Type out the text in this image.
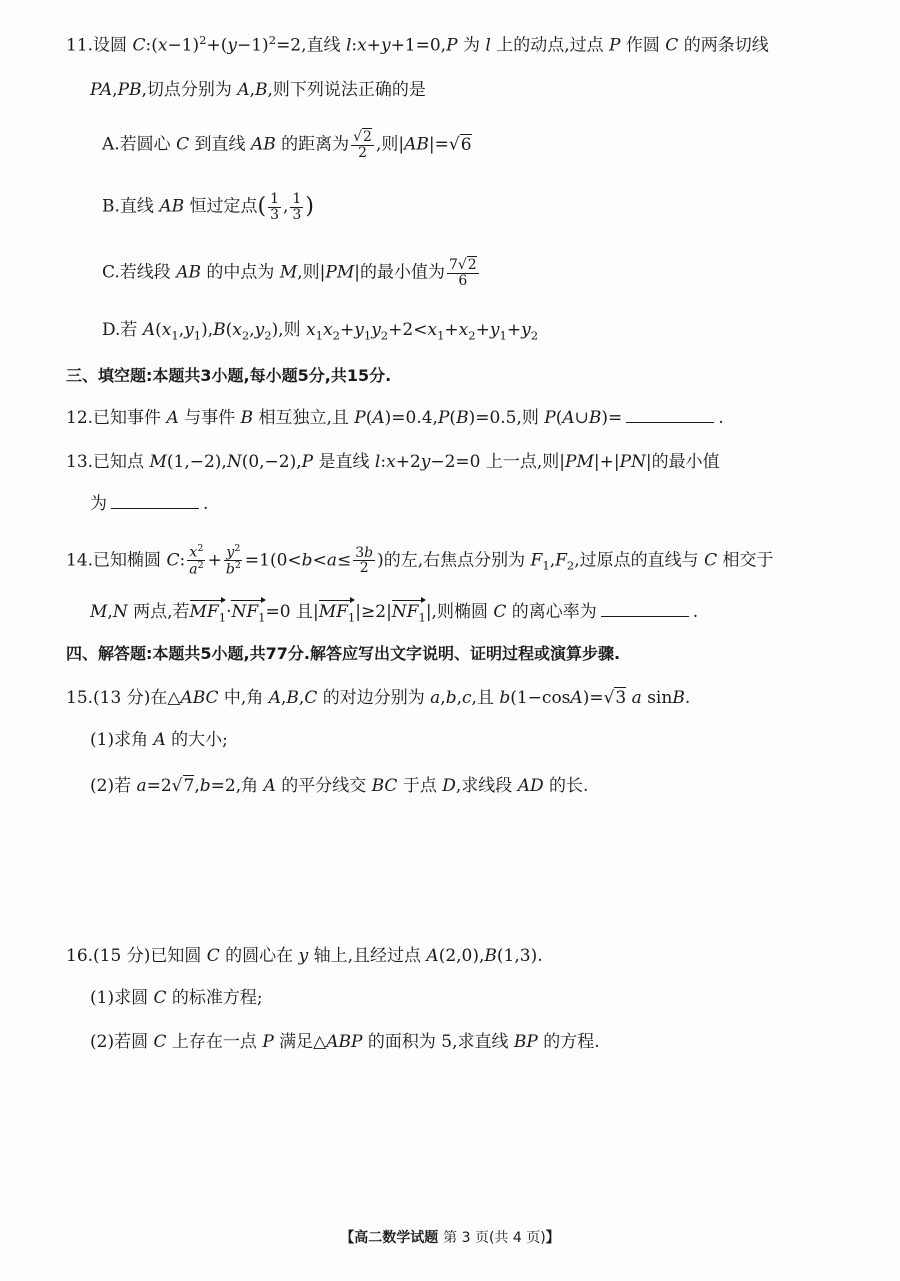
11.设圆 $C:(x-1)^2+(y-1)^2=2$,直线 l:x+y+1=0,P 为 l 上的动点,过点 P 作圆 C 的两条切线
PA,PB,切点分别为 A,B,则下列说法正确的是
A.若圆心 C 到直线 AB 的距离为 $\frac{√2}{2}$ ,则|AB|=√6
B.直线 AB 恒过定点( $\frac{1}{3}$ , $\frac{1}{3}$ )
C.若线段 AB 的中点为 M,则|PM|的最小值为 $\frac{7√2}{6}$
D.若 $A(x_1,y_1),B(x_2,y_2)$,则 $x_1x_2+y_1y_2+2<x_1+x_2+y_1+y_2$
三、填空题:本题共3小题,每小题5分,共15分.
12.已知事件 A 与事件 B 相互独立,且 P(A)=0.4,P(B)=0.5,则 P(A∪B)=	.
13.已知点 M(1,−2),N(0,−2),P 是直线 l:x+2y−2=0 上一点,则|PM|+|PN|的最小值
为	.
14.已知椭圆 C: $\frac{x^2}{a^2} + \frac{y^2}{b^2} =1(0<b<a\le \frac{3b}{2}$ )的左,右焦点分别为 $F_1,F_2$,过原点的直线与 C 相交于
M,N 两点,若$MF_1\cdot NF_1=0$ 且$|MF_1|\ge 2|NF_1|$,则椭圆 C 的离心率为	.
四、解答题:本题共5小题,共77分.解答应写出文字说明、证明过程或演算步骤.
15.(13 分)在△ABC 中,角 A,B,C 的对边分别为 a,b,c,且 b(1−cosA)=√3 a sinB.
(1)求角 A 的大小;
(2)若 a=2√7,b=2,角 A 的平分线交 BC 于点 D,求线段 AD 的长.
16.(15 分)已知圆 C 的圆心在 y 轴上,且经过点 A(2,0),B(1,3).
(1)求圆 C 的标准方程;
(2)若圆 C 上存在一点 P 满足△ABP 的面积为 5,求直线 BP 的方程.
【高二数学试题 第 3 页(共 4 页)】
